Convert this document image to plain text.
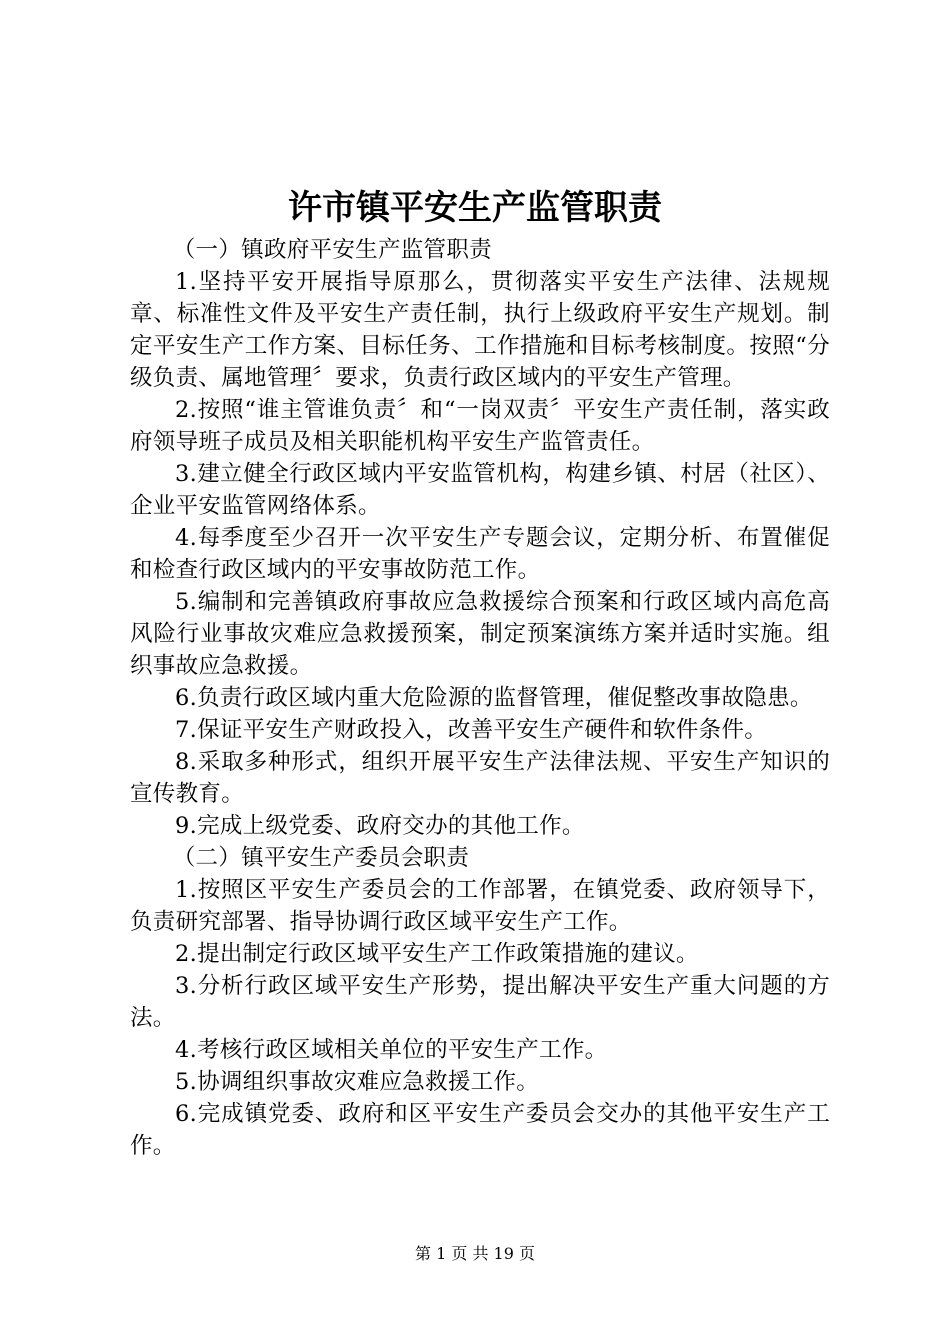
许市镇平安生产监管职责

（一）镇政府平安生产监管职责

1.坚持平安开展指导原那么，贯彻落实平安生产法律、法规规章、标准性文件及平安生产责任制，执行上级政府平安生产规划。制定平安生产工作方案、目标任务、工作措施和目标考核制度。按照“分级负责、属地管理〞要求，负责行政区域内的平安生产管理。

2.按照“谁主管谁负责〞和“一岗双责〞平安生产责任制，落实政府领导班子成员及相关职能机构平安生产监管责任。

3.建立健全行政区域内平安监管机构，构建乡镇、村居（社区）、企业平安监管网络体系。

4.每季度至少召开一次平安生产专题会议，定期分析、布置催促和检查行政区域内的平安事故防范工作。

5.编制和完善镇政府事故应急救援综合预案和行政区域内高危高风险行业事故灾难应急救援预案，制定预案演练方案并适时实施。组织事故应急救援。

6.负责行政区域内重大危险源的监督管理，催促整改事故隐患。

7.保证平安生产财政投入，改善平安生产硬件和软件条件。

8.采取多种形式，组织开展平安生产法律法规、平安生产知识的宣传教育。

9.完成上级党委、政府交办的其他工作。

（二）镇平安生产委员会职责

1.按照区平安生产委员会的工作部署，在镇党委、政府领导下，负责研究部署、指导协调行政区域平安生产工作。

2.提出制定行政区域平安生产工作政策措施的建议。

3.分析行政区域平安生产形势，提出解决平安生产重大问题的方法。

4.考核行政区域相关单位的平安生产工作。

5.协调组织事故灾难应急救援工作。

6.完成镇党委、政府和区平安生产委员会交办的其他平安生产工作。

第 1 页 共 19 页
